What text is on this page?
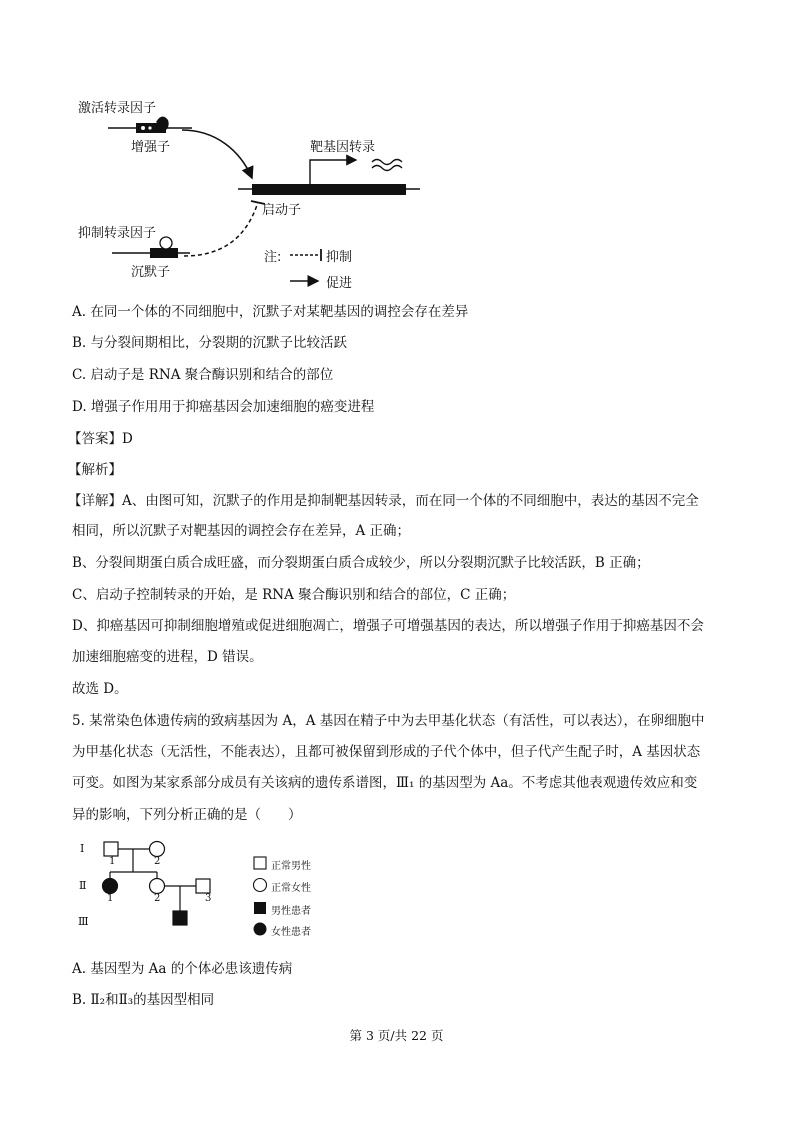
激活转录因子
增强子	靶基因转录
启动子
抑制转录因子
沉默子
注:	抑制
促进
A. 在同一个体的不同细胞中，沉默子对某靶基因的调控会存在差异
B. 与分裂间期相比，分裂期的沉默子比较活跃
C. 启动子是 RNA 聚合酶识别和结合的部位
D. 增强子作用用于抑癌基因会加速细胞的癌变进程
【答案】D
【解析】
【详解】A、由图可知，沉默子的作用是抑制靶基因转录，而在同一个体的不同细胞中，表达的基因不完全
相同，所以沉默子对靶基因的调控会存在差异，A 正确；
B、分裂间期蛋白质合成旺盛，而分裂期蛋白质合成较少，所以分裂期沉默子比较活跃，B 正确；
C、启动子控制转录的开始，是 RNA 聚合酶识别和结合的部位，C 正确；
D、抑癌基因可抑制细胞增殖或促进细胞凋亡，增强子可增强基因的表达，所以增强子作用于抑癌基因不会
加速细胞癌变的进程，D 错误。
故选 D。
5. 某常染色体遗传病的致病基因为 A，A 基因在精子中为去甲基化状态（有活性，可以表达），在卵细胞中
为甲基化状态（无活性，不能表达），且都可被保留到形成的子代个体中，但子代产生配子时，A 基因状态
可变。如图为某家系部分成员有关该病的遗传系谱图，Ⅲ₁ 的基因型为 Aa。不考虑其他表观遗传效应和变
异的影响，下列分析正确的是（　　）
Ⅰ
Ⅱ
Ⅲ
1	2
1	2	3
1
正常男性
正常女性
男性患者
女性患者
A. 基因型为 Aa 的个体必患该遗传病
B. Ⅱ₂和Ⅱ₃的基因型相同
第 3 页/共 22 页
